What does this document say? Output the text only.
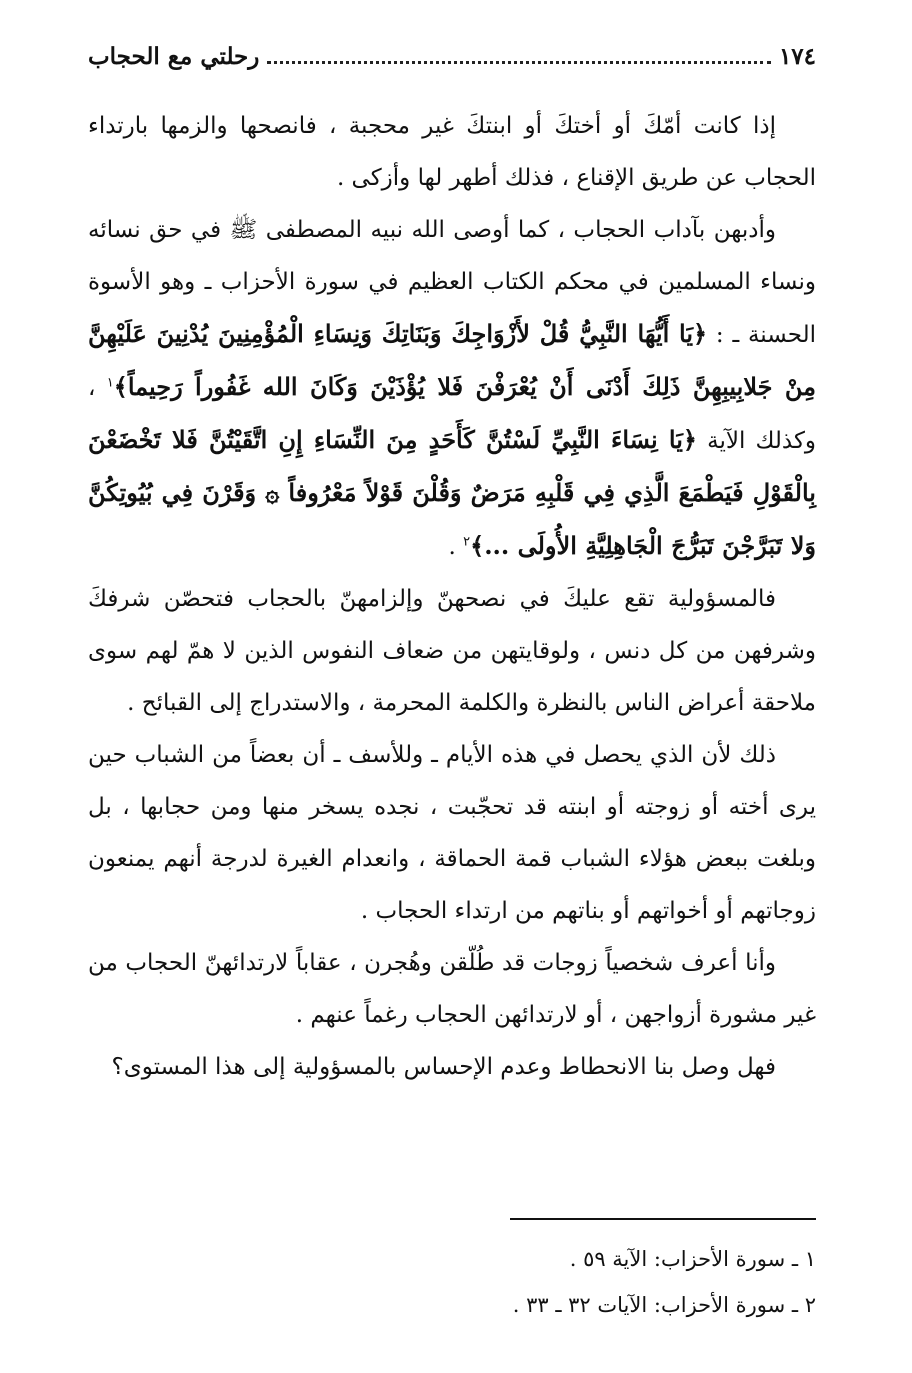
١٧٤
رحلتي مع الحجاب

إذا كانت أمّكَ أو أختكَ أو ابنتكَ غير محجبة ، فانصحها والزمها بارتداء الحجاب عن طريق الإقناع ، فذلك أطهر لها وأزكى .

وأدبهن بآداب الحجاب ، كما أوصى الله نبيه المصطفى ﷺ في حق نسائه ونساء المسلمين في محكم الكتاب العظيم في سورة الأحزاب ـ وهو الأسوة الحسنة ـ : ﴿يَا أَيُّهَا النَّبِيُّ قُلْ لأَزْوَاجِكَ وَبَنَاتِكَ وَنِسَاءِ الْمُؤْمِنِينَ يُدْنِينَ عَلَيْهِنَّ مِنْ جَلابِيبِهِنَّ ذَلِكَ أَدْنَى أَنْ يُعْرَفْنَ فَلا يُؤْذَيْنَ وَكَانَ الله غَفُوراً رَحِيماً﴾$^١$ ، وكذلك الآية ﴿يَا نِسَاءَ النَّبِيِّ لَسْتُنَّ كَأَحَدٍ مِنَ النِّسَاءِ إِنِ اتَّقَيْتُنَّ فَلا تَخْضَعْنَ بِالْقَوْلِ فَيَطْمَعَ الَّذِي فِي قَلْبِهِ مَرَضٌ وَقُلْنَ قَوْلاً مَعْرُوفاً ۞ وَقَرْنَ فِي بُيُوتِكُنَّ وَلا تَبَرَّجْنَ تَبَرُّجَ الْجَاهِلِيَّةِ الأُولَى ...﴾$^٢$ .

فالمسؤولية تقع عليكَ في نصحهنّ وإلزامهنّ بالحجاب فتحصّن شرفكَ وشرفهن من كل دنس ، ولوقايتهن من ضعاف النفوس الذين لا همّ لهم سوى ملاحقة أعراض الناس بالنظرة والكلمة المحرمة ، والاستدراج إلى القبائح .

ذلك لأن الذي يحصل في هذه الأيام ـ وللأسف ـ أن بعضاً من الشباب حين يرى أخته أو زوجته أو ابنته قد تحجّبت ، نجده يسخر منها ومن حجابها ، بل وبلغت ببعض هؤلاء الشباب قمة الحماقة ، وانعدام الغيرة لدرجة أنهم يمنعون زوجاتهم أو أخواتهم أو بناتهم من ارتداء الحجاب .

وأنا أعرف شخصياً زوجات قد طُلّقن وهُجرن ، عقاباً لارتدائهنّ الحجاب من غير مشورة أزواجهن ، أو لارتدائهن الحجاب رغماً عنهم .

فهل وصل بنا الانحطاط وعدم الإحساس بالمسؤولية إلى هذا المستوى؟

١ ـ سورة الأحزاب: الآية ٥٩ .

٢ ـ سورة الأحزاب: الآيات ٣٢ ـ ٣٣ .
